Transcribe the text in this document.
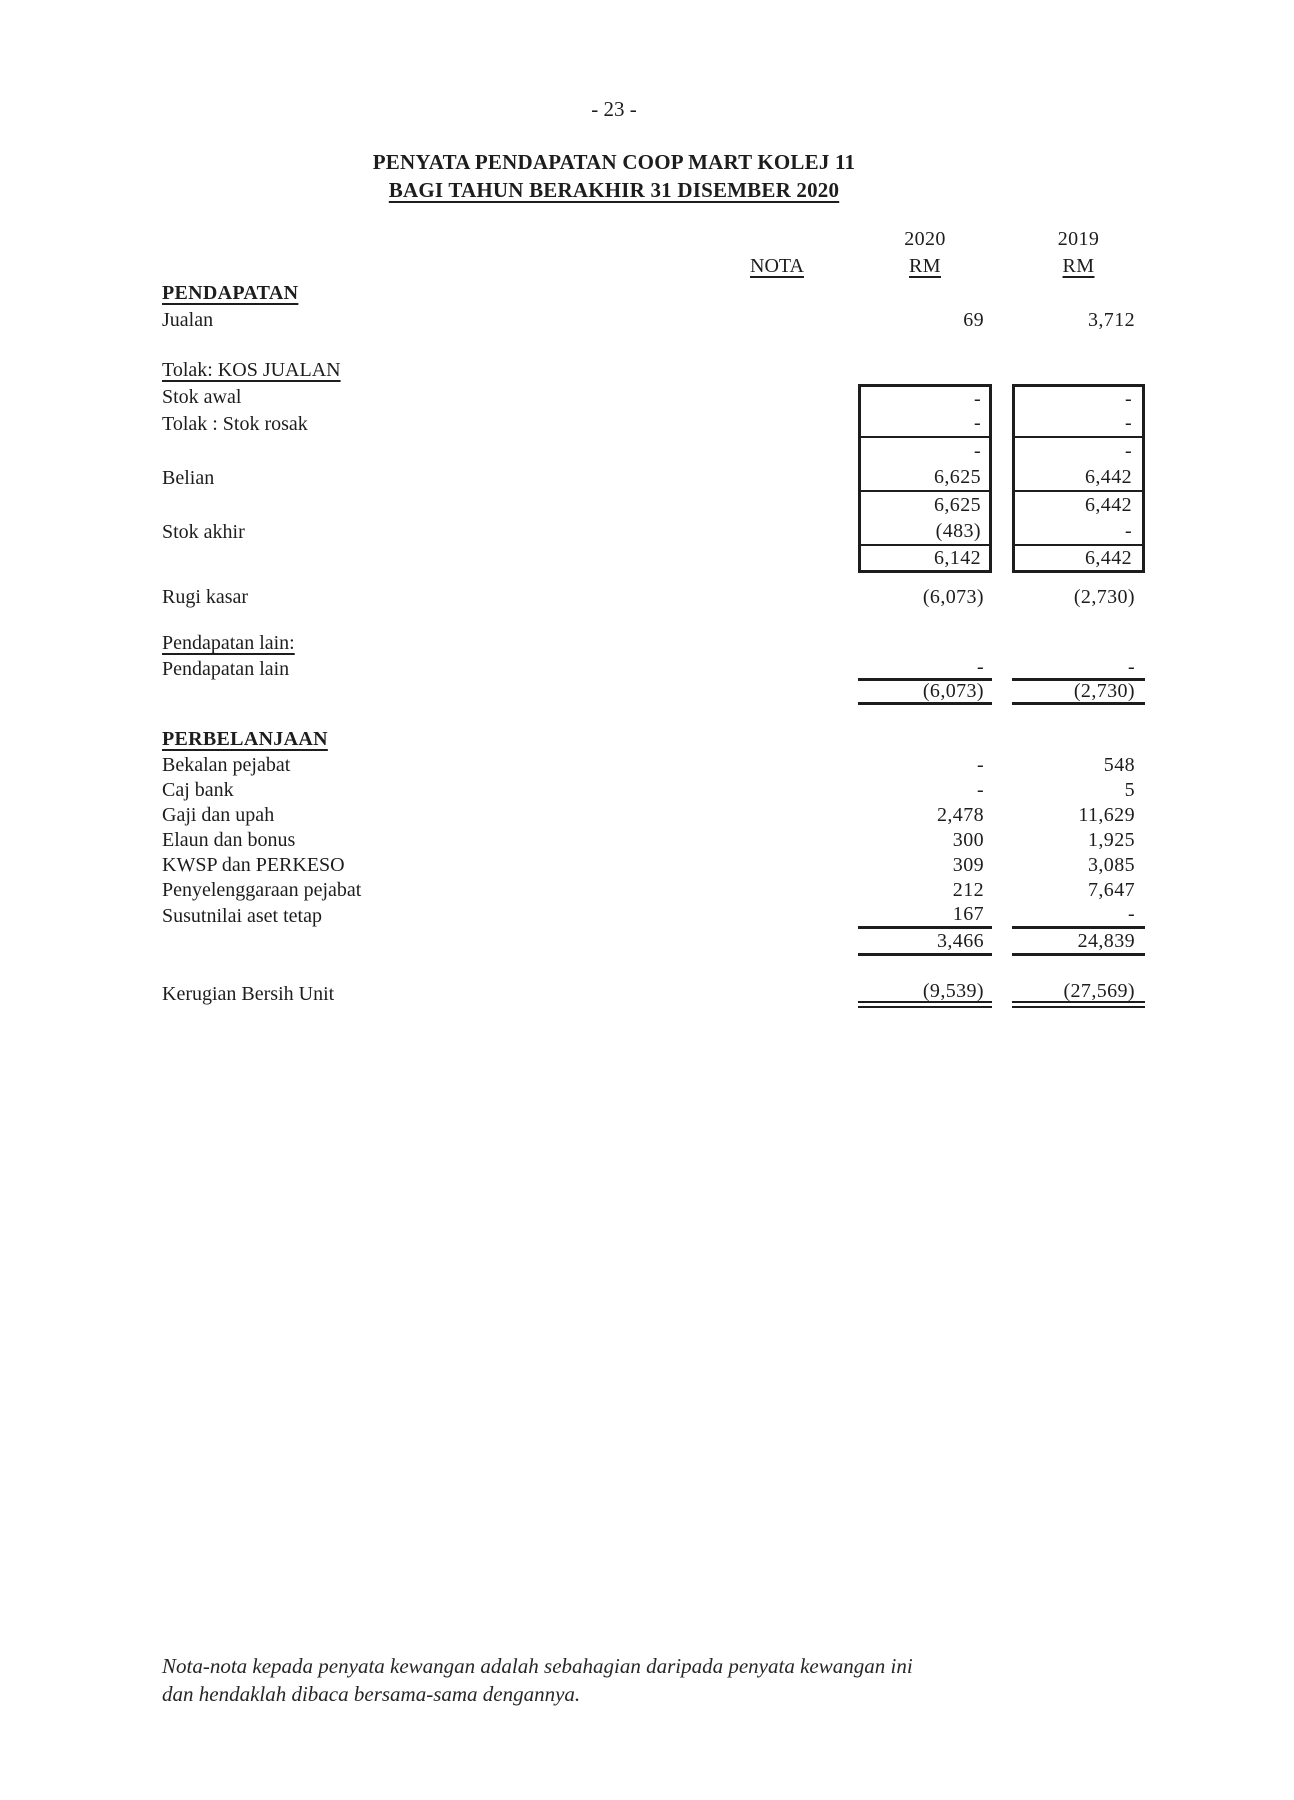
- 23 -
PENYATA PENDAPATAN COOP MART KOLEJ 11
BAGI TAHUN BERAKHIR 31 DISEMBER 2020
2020	2019
NOTA	RM	RM
PENDAPATAN
Jualan	69	3,712
Tolak: KOS JUALAN
Stok awal	-	-
Tolak : Stok rosak	-	-
-	-
Belian	6,625	6,442
6,625	6,442
Stok akhir	(483)	-
6,142	6,442
Rugi kasar	(6,073)	(2,730)
Pendapatan lain:
Pendapatan lain	-	-
(6,073)	(2,730)
PERBELANJAAN
Bekalan pejabat	-	548
Caj bank	-	5
Gaji dan upah	2,478	11,629
Elaun dan bonus	300	1,925
KWSP dan PERKESO	309	3,085
Penyelenggaraan pejabat	212	7,647
Susutnilai aset tetap	167	-
3,466	24,839
Kerugian Bersih Unit	(9,539)	(27,569)
Nota-nota kepada penyata kewangan adalah sebahagian daripada penyata kewangan ini
dan hendaklah dibaca bersama-sama dengannya.
